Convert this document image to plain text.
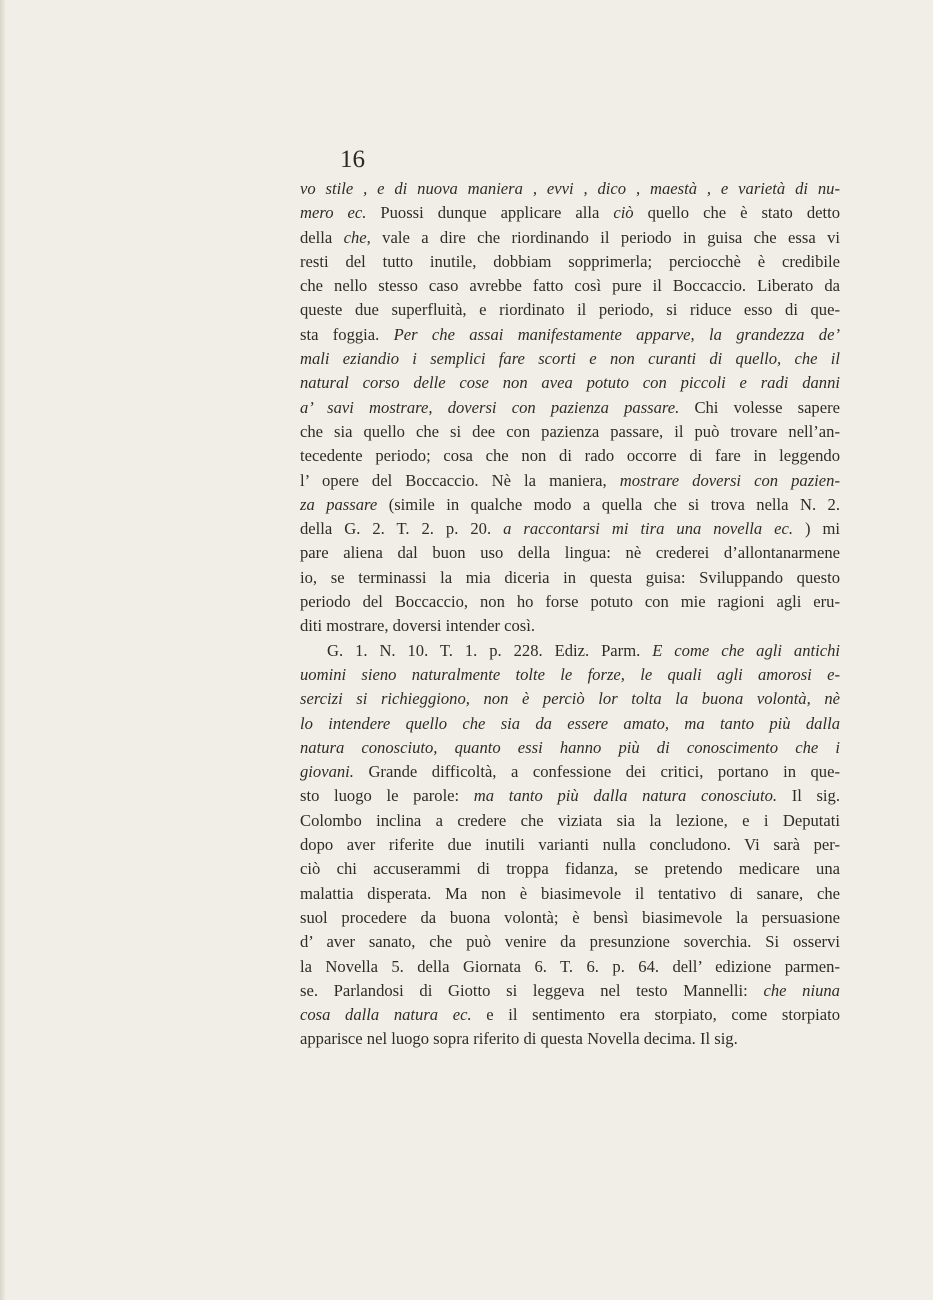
16
vo stile , e di nuova maniera , evvi , dico , maestà , e varietà di nu-
mero ec. Puossi dunque applicare alla ciò quello che è stato detto
della che, vale a dire che riordinando il periodo in guisa che essa vi
resti del tutto inutile, dobbiam sopprimerla; perciocchè è credibile
che nello stesso caso avrebbe fatto così pure il Boccaccio. Liberato da
queste due superfluità, e riordinato il periodo, si riduce esso di que-
sta foggia. Per che assai manifestamente apparve, la grandezza de’
mali eziandio i semplici fare scorti e non curanti di quello, che il
natural corso delle cose non avea potuto con piccoli e radi danni
a’ savi mostrare, doversi con pazienza passare. Chi volesse sapere
che sia quello che si dee con pazienza passare, il può trovare nell’an-
tecedente periodo; cosa che non di rado occorre di fare in leggendo
l’ opere del Boccaccio. Nè la maniera, mostrare doversi con pazien-
za passare (simile in qualche modo a quella che si trova nella N. 2.
della G. 2. T. 2. p. 20. a raccontarsi mi tira una novella ec. ) mi
pare aliena dal buon uso della lingua: nè crederei d’allontanarmene
io, se terminassi la mia diceria in questa guisa: Sviluppando questo
periodo del Boccaccio, non ho forse potuto con mie ragioni agli eru-
diti mostrare, doversi intender così.
G. 1. N. 10. T. 1. p. 228. Ediz. Parm. E come che agli antichi
uomini sieno naturalmente tolte le forze, le quali agli amorosi e-
sercizi si richieggiono, non è perciò lor tolta la buona volontà, nè
lo intendere quello che sia da essere amato, ma tanto più dalla
natura conosciuto, quanto essi hanno più di conoscimento che i
giovani. Grande difficoltà, a confessione dei critici, portano in que-
sto luogo le parole: ma tanto più dalla natura conosciuto. Il sig.
Colombo inclina a credere che viziata sia la lezione, e i Deputati
dopo aver riferite due inutili varianti nulla concludono. Vi sarà per-
ciò chi accuserammi di troppa fidanza, se pretendo medicare una
malattia disperata. Ma non è biasimevole il tentativo di sanare, che
suol procedere da buona volontà; è bensì biasimevole la persuasione
d’ aver sanato, che può venire da presunzione soverchia. Si osservi
la Novella 5. della Giornata 6. T. 6. p. 64. dell’ edizione parmen-
se. Parlandosi di Giotto si leggeva nel testo Mannelli: che niuna
cosa dalla natura ec. e il sentimento era storpiato, come storpiato
apparisce nel luogo sopra riferito di questa Novella decima. Il sig.
